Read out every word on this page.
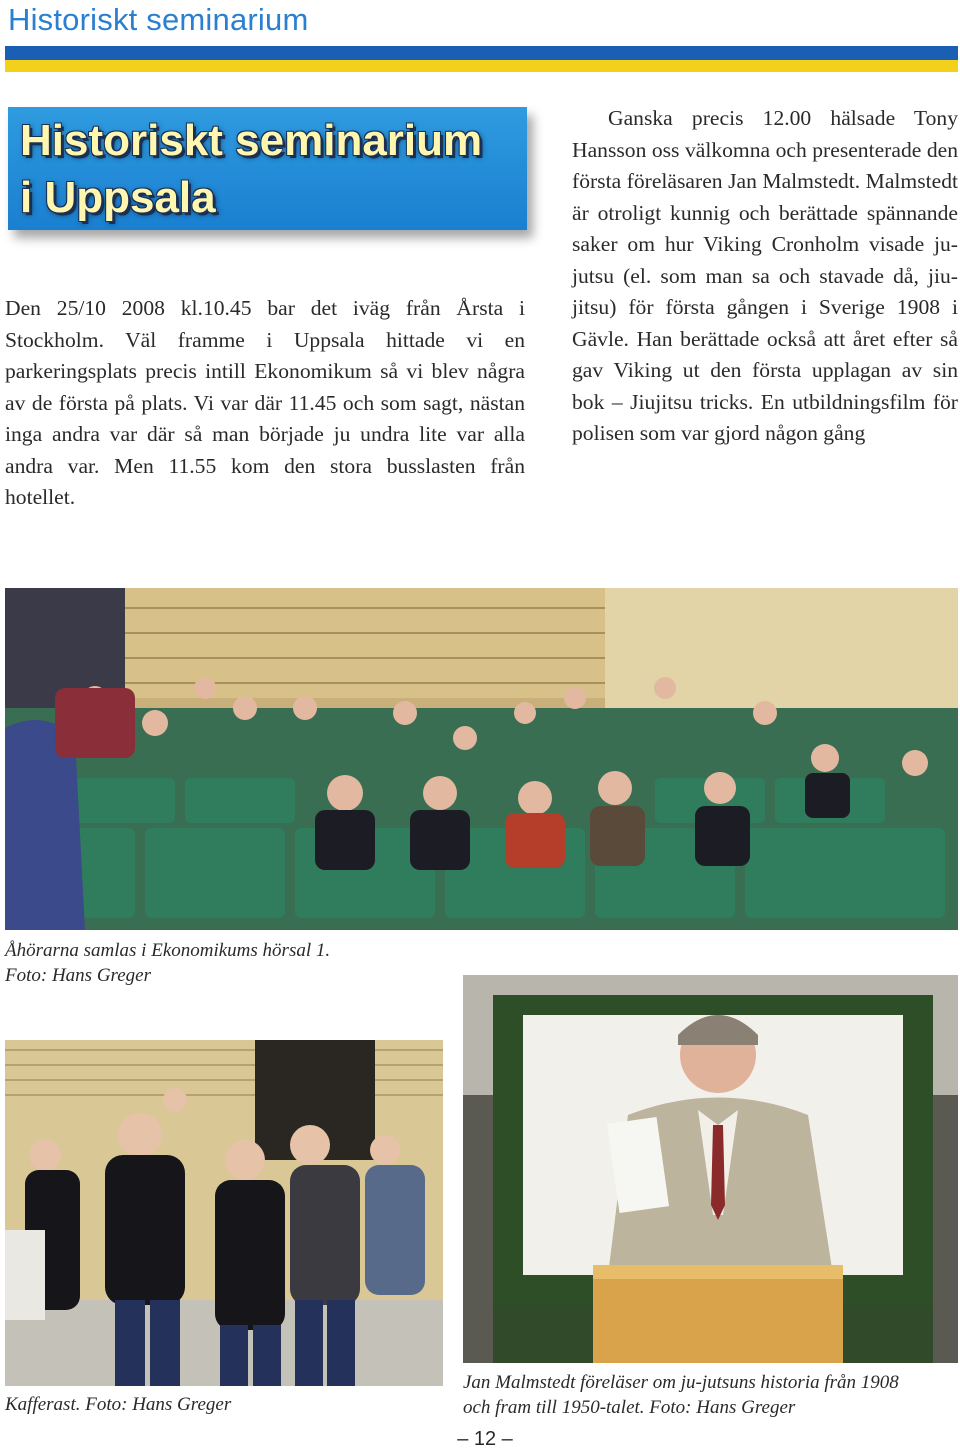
Historiskt seminarium
Historiskt seminarium
i Uppsala

Den 25/10 2008 kl.10.45 bar det iväg från Årsta i Stockholm. Väl framme i Uppsala hittade vi en parkeringsplats precis intill Ekonomikum så vi blev några av de första på plats. Vi var där 11.45 och som sagt, nästan inga andra var där så man började ju undra lite var alla andra var. Men 11.55 kom den stora busslasten från hotellet.

Ganska precis 12.00 hälsade Tony Hansson oss välkomna och presenterade den första föreläsaren Jan Malmstedt. Malmstedt är otroligt kunnig och berättade spännande saker om hur Viking Cronholm visade ju-jutsu (el. som man sa och stavade då, jiu-jitsu) för första gången i Sverige 1908 i Gävle. Han berättade också att året efter så gav Viking ut den första upplagan av sin bok – Jiujitsu tricks. En utbildningsfilm för polisen som var gjord någon gång

Åhörarna samlas i Ekonomikums hörsal 1.
Foto: Hans Greger
Kafferast. Foto: Hans Greger
Jan Malmstedt föreläser om ju-jutsuns historia från 1908
och fram till 1950-talet. Foto: Hans Greger
– 12 –
